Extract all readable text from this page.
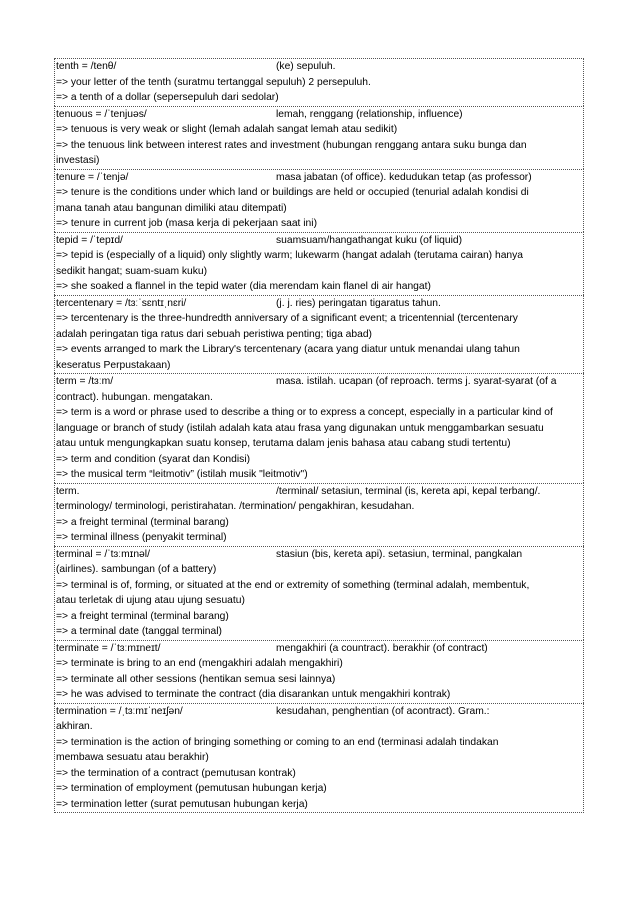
tenth = /tenθ/	(ke) sepuluh.
=> your letter of the tenth (suratmu tertanggal sepuluh) 2 persepuluh.
=> a tenth of a dollar (sepersepuluh dari sedolar)
tenuous = /ˈtenjuəs/	lemah, renggang (relationship, influence)
=> tenuous is very weak or slight (lemah adalah sangat lemah atau sedikit)
=> the tenuous link between interest rates and investment (hubungan renggang antara suku bunga dan
investasi)
tenure = /ˈtenjə/	masa jabatan (of office). kedudukan tetap (as professor)
=> tenure is the conditions under which land or buildings are held or occupied (tenurial adalah kondisi di
mana tanah atau bangunan dimiliki atau ditempati)
=> tenure in current job (masa kerja di pekerjaan saat ini)
tepid = /ˈtepɪd/	suamsuam/hangathangat kuku (of liquid)
=> tepid is (especially of a liquid) only slightly warm; lukewarm (hangat adalah (terutama cairan) hanya
sedikit hangat; suam-suam kuku)
=> she soaked a flannel in the tepid water (dia merendam kain flanel di air hangat)
tercentenary = /tɜːˈsɛntɪˌnɛri/	(j. j. ries) peringatan tigaratus tahun.
=> tercentenary is the three-hundredth anniversary of a significant event; a tricentennial (tercentenary
adalah peringatan tiga ratus dari sebuah peristiwa penting; tiga abad)
=> events arranged to mark the Library's tercentenary (acara yang diatur untuk menandai ulang tahun
keseratus Perpustakaan)
term = /tɜːm/	masa. istilah. ucapan (of reproach. terms j. syarat-syarat (of a
contract). hubungan. mengatakan.
=> term is a word or phrase used to describe a thing or to express a concept, especially in a particular kind of
language or branch of study (istilah adalah kata atau frasa yang digunakan untuk menggambarkan sesuatu
atau untuk mengungkapkan suatu konsep, terutama dalam jenis bahasa atau cabang studi tertentu)
=> term and condition (syarat dan Kondisi)
=> the musical term “leitmotiv” (istilah musik "leitmotiv")
term.	/terminal/ setasiun, terminal (is, kereta api, kepal terbang/.
terminology/ terminologi, peristirahatan. /termination/ pengakhiran, kesudahan.
=> a freight terminal (terminal barang)
=> terminal illness (penyakit terminal)
terminal = /ˈtɜːmɪnəl/	stasiun (bis, kereta api). setasiun, terminal, pangkalan
(airlines). sambungan (of a battery)
=> terminal is of, forming, or situated at the end or extremity of something (terminal adalah, membentuk,
atau terletak di ujung atau ujung sesuatu)
=> a freight terminal (terminal barang)
=> a terminal date (tanggal terminal)
terminate = /ˈtɜːmɪneɪt/	mengakhiri (a countract). berakhir (of contract)
=> terminate is bring to an end (mengakhiri adalah mengakhiri)
=> terminate all other sessions (hentikan semua sesi lainnya)
=> he was advised to terminate the contract (dia disarankan untuk mengakhiri kontrak)
termination = /ˌtɜːmɪˈneɪʃən/	kesudahan, penghentian (of acontract). Gram.:
akhiran.
=> termination is the action of bringing something or coming to an end (terminasi adalah tindakan
membawa sesuatu atau berakhir)
=> the termination of a contract (pemutusan kontrak)
=> termination of employment (pemutusan hubungan kerja)
=> termination letter (surat pemutusan hubungan kerja)
